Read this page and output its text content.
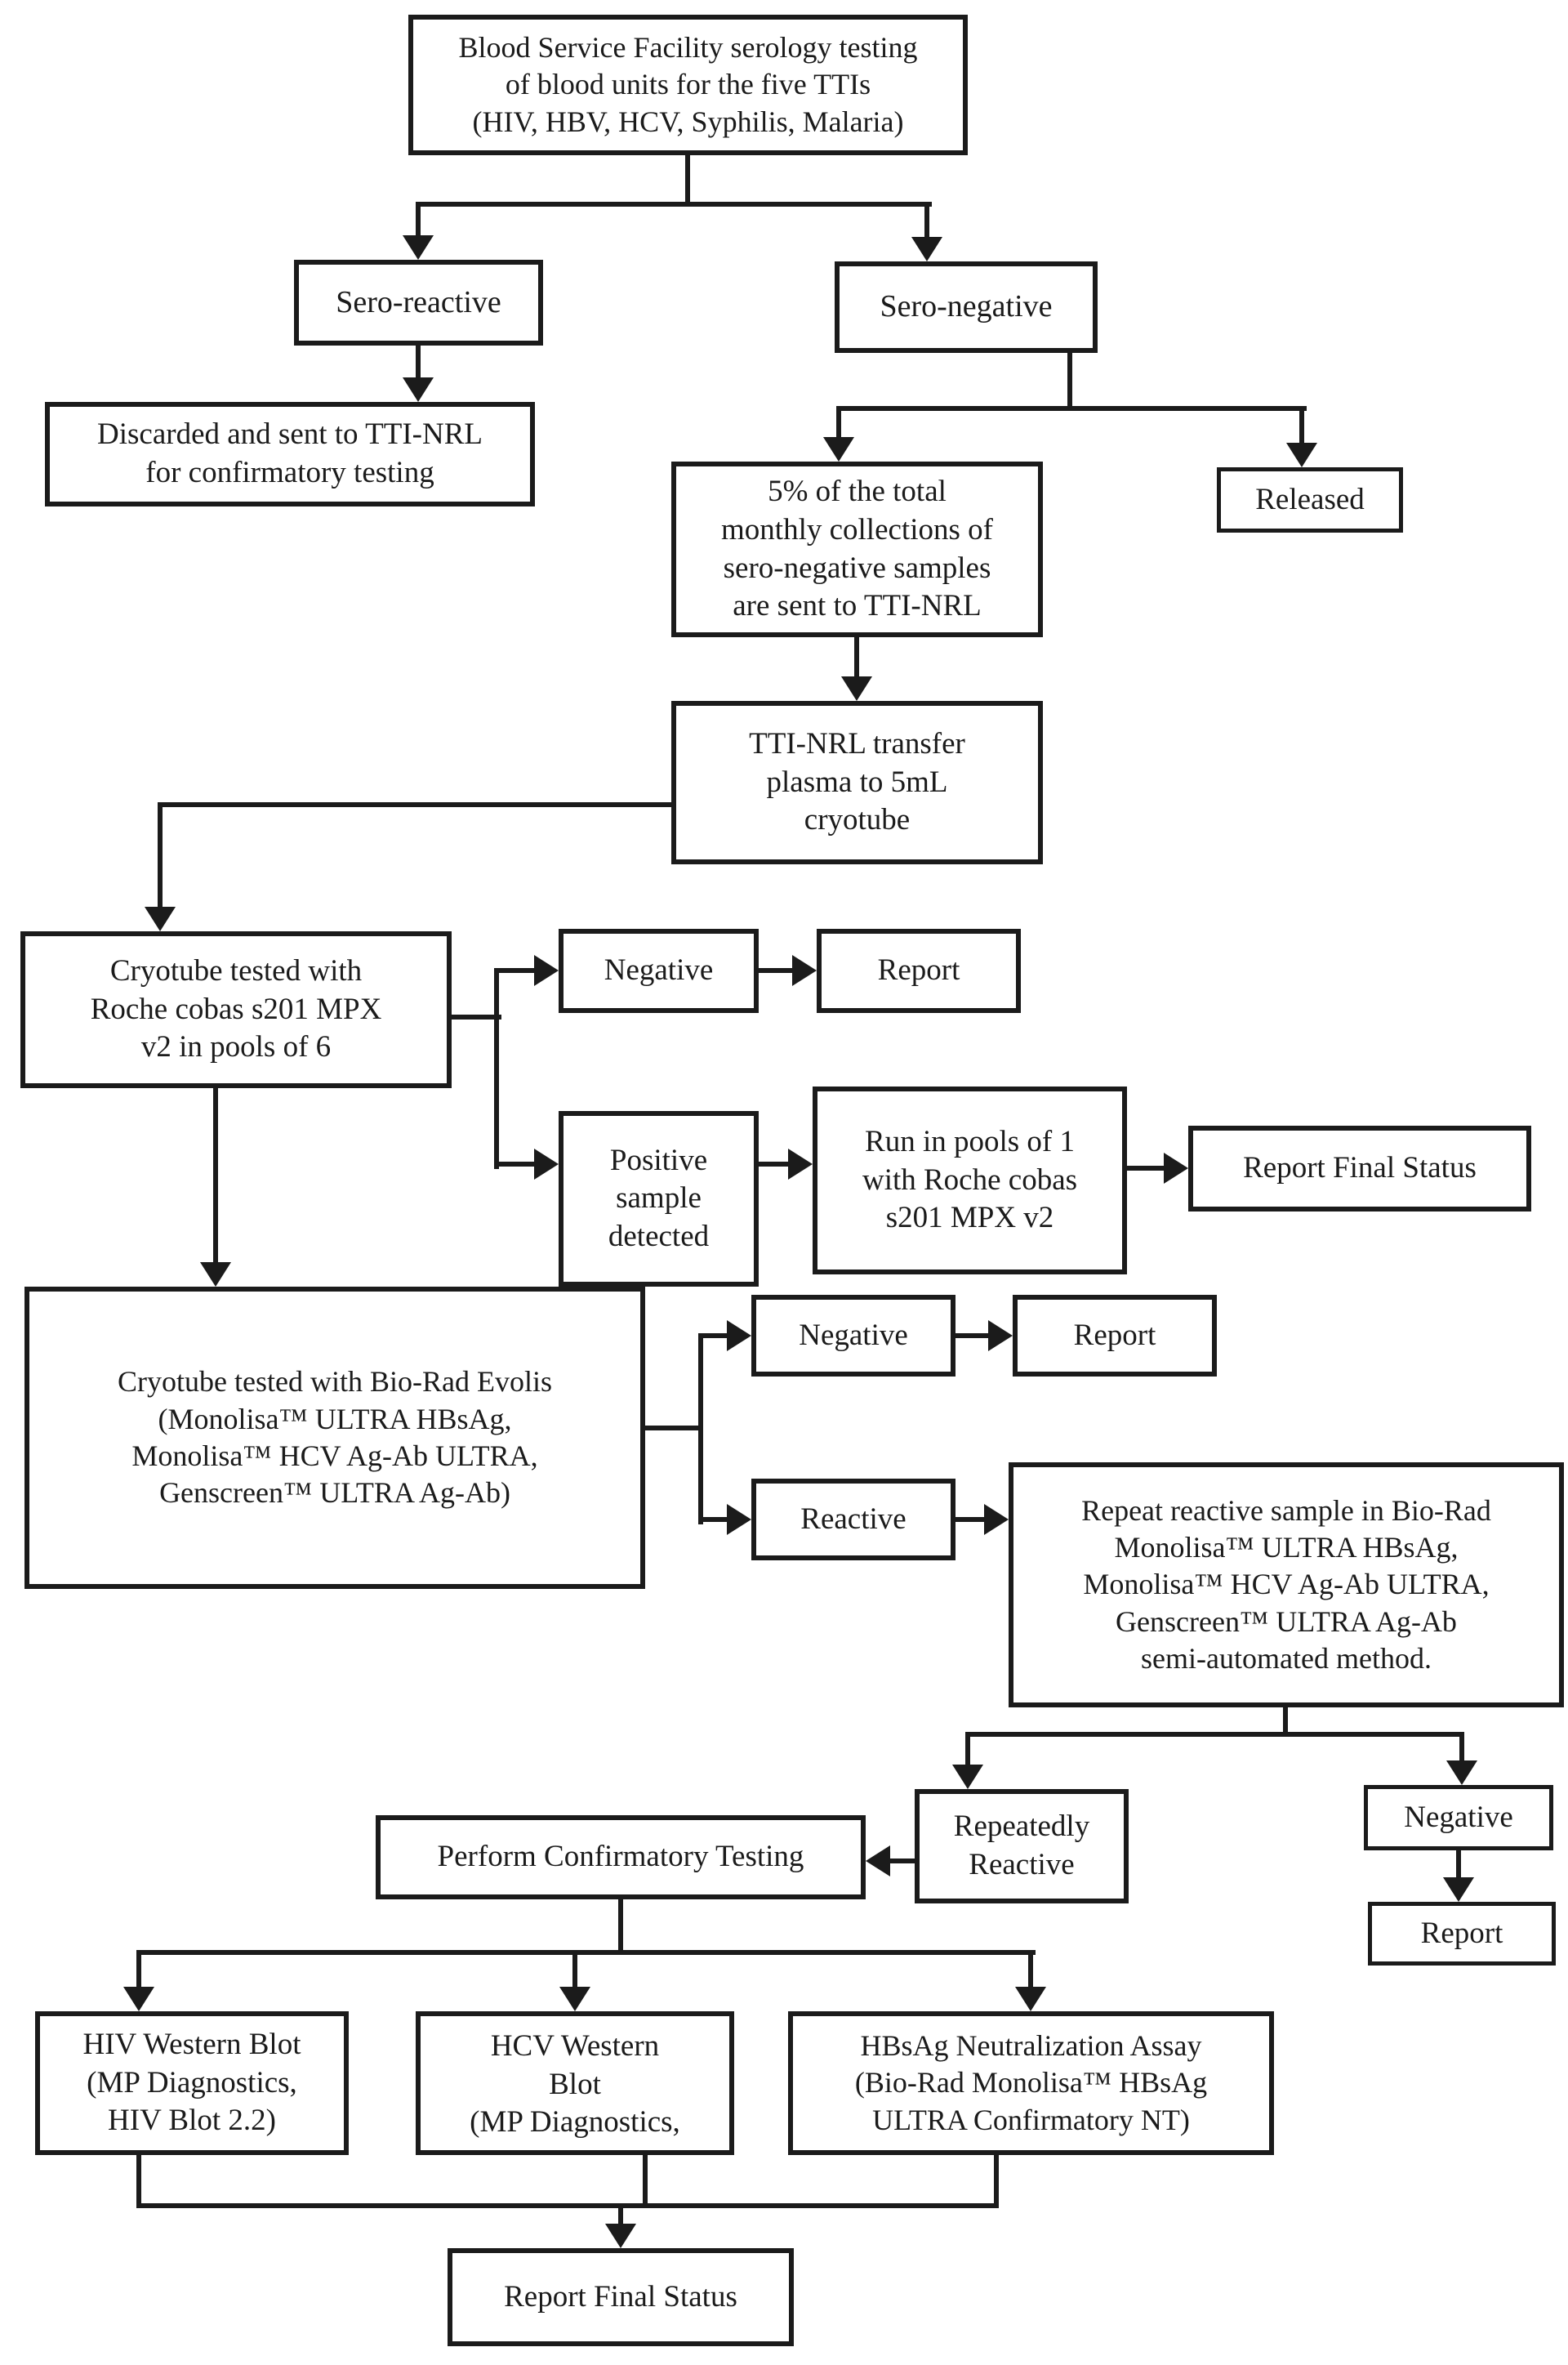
Blood Service Facility serology testing
of blood units for the five TTIs
(HIV, HBV, HCV, Syphilis, Malaria)
Sero-reactive	Sero-negative
Discarded and sent to TTI-NRL
for confirmatory testing
5% of the total
monthly collections of
sero-negative samples
are sent to TTI-NRL
Released
TTI-NRL transfer
plasma to 5mL
cryotube
Cryotube tested with
Roche cobas s201 MPX
v2 in pools of 6
Negative	Report
Positive
sample
detected
Run in pools of 1
with Roche cobas
s201 MPX v2
Report Final Status
Cryotube tested with Bio-Rad Evolis
(Monolisa™ ULTRA HBsAg,
Monolisa™ HCV Ag-Ab ULTRA,
Genscreen™ ULTRA Ag-Ab)
Negative	Report
Reactive	Repeat reactive sample in Bio-Rad
Monolisa™ ULTRA HBsAg,
Monolisa™ HCV Ag-Ab ULTRA,
Genscreen™ ULTRA Ag-Ab
semi-automated method.
Repeatedly
Reactive
Negative
Report
Perform Confirmatory Testing
HIV Western Blot
(MP Diagnostics,
HIV Blot 2.2)
HCV Western
Blot
(MP Diagnostics,
HBsAg Neutralization Assay
(Bio-Rad Monolisa™ HBsAg
ULTRA Confirmatory NT)
Report Final Status
